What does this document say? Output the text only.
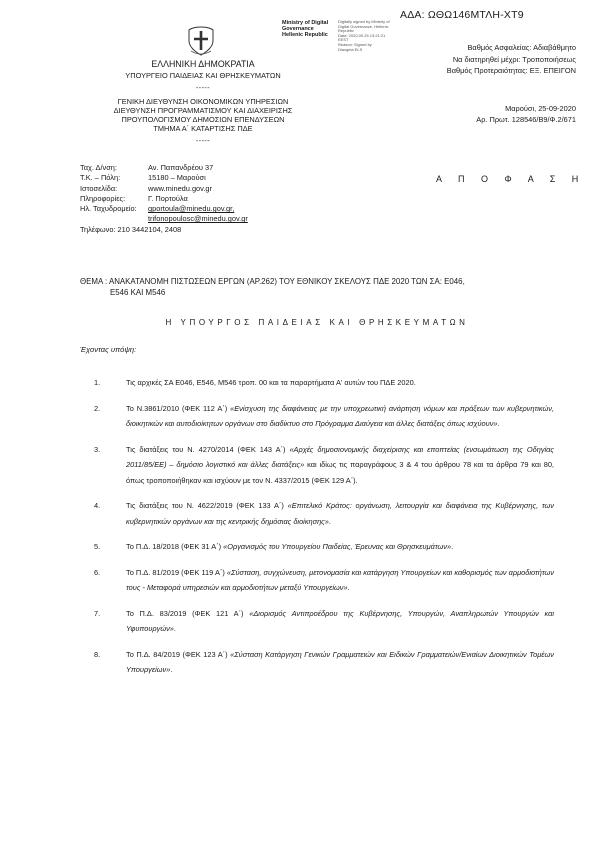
ΑΔΑ: ΩΘΩ146ΜΤΛΗ-ΧΤ9
Ministry of Digital
Governance
Hellenic Republic
Digitally signed by Ministry of
Digital Governance, Hellenic
Republic
Date: 2020.09.25 13:21:21
EEST
Reason: Signed by
Diavgeia ELS
ΕΛΛΗΝΙΚΗ ΔΗΜΟΚΡΑΤΙΑ
ΥΠΟΥΡΓΕΙΟ ΠΑΙΔΕΙΑΣ ΚΑΙ ΘΡΗΣΚΕΥΜΑΤΩΝ
-----
ΓΕΝΙΚΗ ΔΙΕΥΘΥΝΣΗ ΟΙΚΟΝΟΜΙΚΩΝ ΥΠΗΡΕΣΙΩΝ
ΔΙΕΥΘΥΝΣΗ ΠΡΟΓΡΑΜΜΑΤΙΣΜΟΥ ΚΑΙ ΔΙΑΧΕΙΡΙΣΗΣ
ΠΡΟΥΠΟΛΟΓΙΣΜΟΥ ΔΗΜΟΣΙΩΝ ΕΠΕΝΔΥΣΕΩΝ
ΤΜΗΜΑ Α΄ ΚΑΤΑΡΤΙΣΗΣ ΠΔΕ
-----
Βαθμός Ασφαλείας: Αδιαβάθμητο
Να διατηρηθεί μέχρι: Τροποποιήσεως
Βαθμός Προτεραιότητας: ΕΞ. ΕΠΕΙΓΟΝ
Μαρούσι, 25-09-2020
Αρ. Πρωτ. 128546/Β9/Φ.2/671
Ταχ. Δ/νση:	Αν. Παπανδρέου 37
Τ.Κ. – Πόλη:	15180 – Μαρούσι
Ιστοσελίδα:	www.minedu.gov.gr
Πληροφορίες:	Γ. Πορτούλα
Ηλ. Ταχυδρομείο:	gportoula@minedu.gov.gr,
trifonopoulosc@minedu.gov.gr
Τηλέφωνο: 210 3442104, 2408
Α Π Ο Φ Α Σ Η
ΘΕΜΑ : ΑΝΑΚΑΤΑΝΟΜΗ ΠΙΣΤΩΣΕΩΝ ΕΡΓΩΝ (ΑΡ.262) ΤΟΥ ΕΘΝΙΚΟΥ ΣΚΕΛΟΥΣ ΠΔΕ 2020 ΤΩΝ ΣΑ: Ε046,
Ε546 ΚΑΙ Μ546
Η ΥΠΟΥΡΓΟΣ ΠΑΙΔΕΙΑΣ ΚΑΙ ΘΡΗΣΚΕΥΜΑΤΩΝ
Έχοντας υπόψη:
1.	Τις αρχικές ΣΑ Ε046, Ε546, Μ546 τροπ. 00 και τα παραρτήματα Α' αυτών του ΠΔΕ 2020.
2.	Το Ν.3861/2010 (ΦΕΚ 112 Α΄) «Ενίσχυση της διαφάνειας με την υποχρεωτική ανάρτηση νόμων και πράξεων των κυβερνητικών, διοικητικών και αυτοδιοίκητων οργάνων στο διαδίκτυο στο Πρόγραμμα Διαύγεια και άλλες διατάξεις όπως ισχύουν».
3.	Τις διατάξεις του Ν. 4270/2014 (ΦΕΚ 143 Α΄) «Αρχές δημοσιονομικής διαχείρισης και εποπτείας (ενσωμάτωση της Οδηγίας 2011/85/ΕΕ) – δημόσιο λογιστικό και άλλες διατάξεις» και ιδίως τις παραγράφους 3 & 4 του άρθρου 78 και τα άρθρα 79 και 80, όπως τροποποιήθηκαν και ισχύουν με τον Ν. 4337/2015 (ΦΕΚ 129 Α΄).
4.	Τις διατάξεις του Ν. 4622/2019 (ΦΕΚ 133 Α΄) «Επιτελικό Κράτος: οργάνωση, λειτουργία και διαφάνεια της Κυβέρνησης, των κυβερνητικών οργάνων και της κεντρικής δημόσιας διοίκησης».
5.	Το Π.Δ. 18/2018 (ΦΕΚ 31 Α΄) «Οργανισμός του Υπουργείου Παιδείας, Έρευνας και Θρησκευμάτων».
6.	Το Π.Δ. 81/2019 (ΦΕΚ 119 Α΄) «Σύσταση, συγχώνευση, μετονομασία και κατάργηση Υπουργείων και καθορισμός των αρμοδιοτήτων τους - Μεταφορά υπηρεσιών και αρμοδιοτήτων μεταξύ Υπουργείων».
7.	Το Π.Δ. 83/2019 (ΦΕΚ 121 Α΄) «Διορισμός Αντιπροέδρου της Κυβέρνησης, Υπουργών, Αναπληρωτών Υπουργών και Υφυπουργών».
8.	Το Π.Δ. 84/2019 (ΦΕΚ 123 Α΄) «Σύσταση Κατάργηση Γενικών Γραμματειών και Ειδικών Γραμματειών/Ενιαίων Διοικητικών Τομέων Υπουργείων».
